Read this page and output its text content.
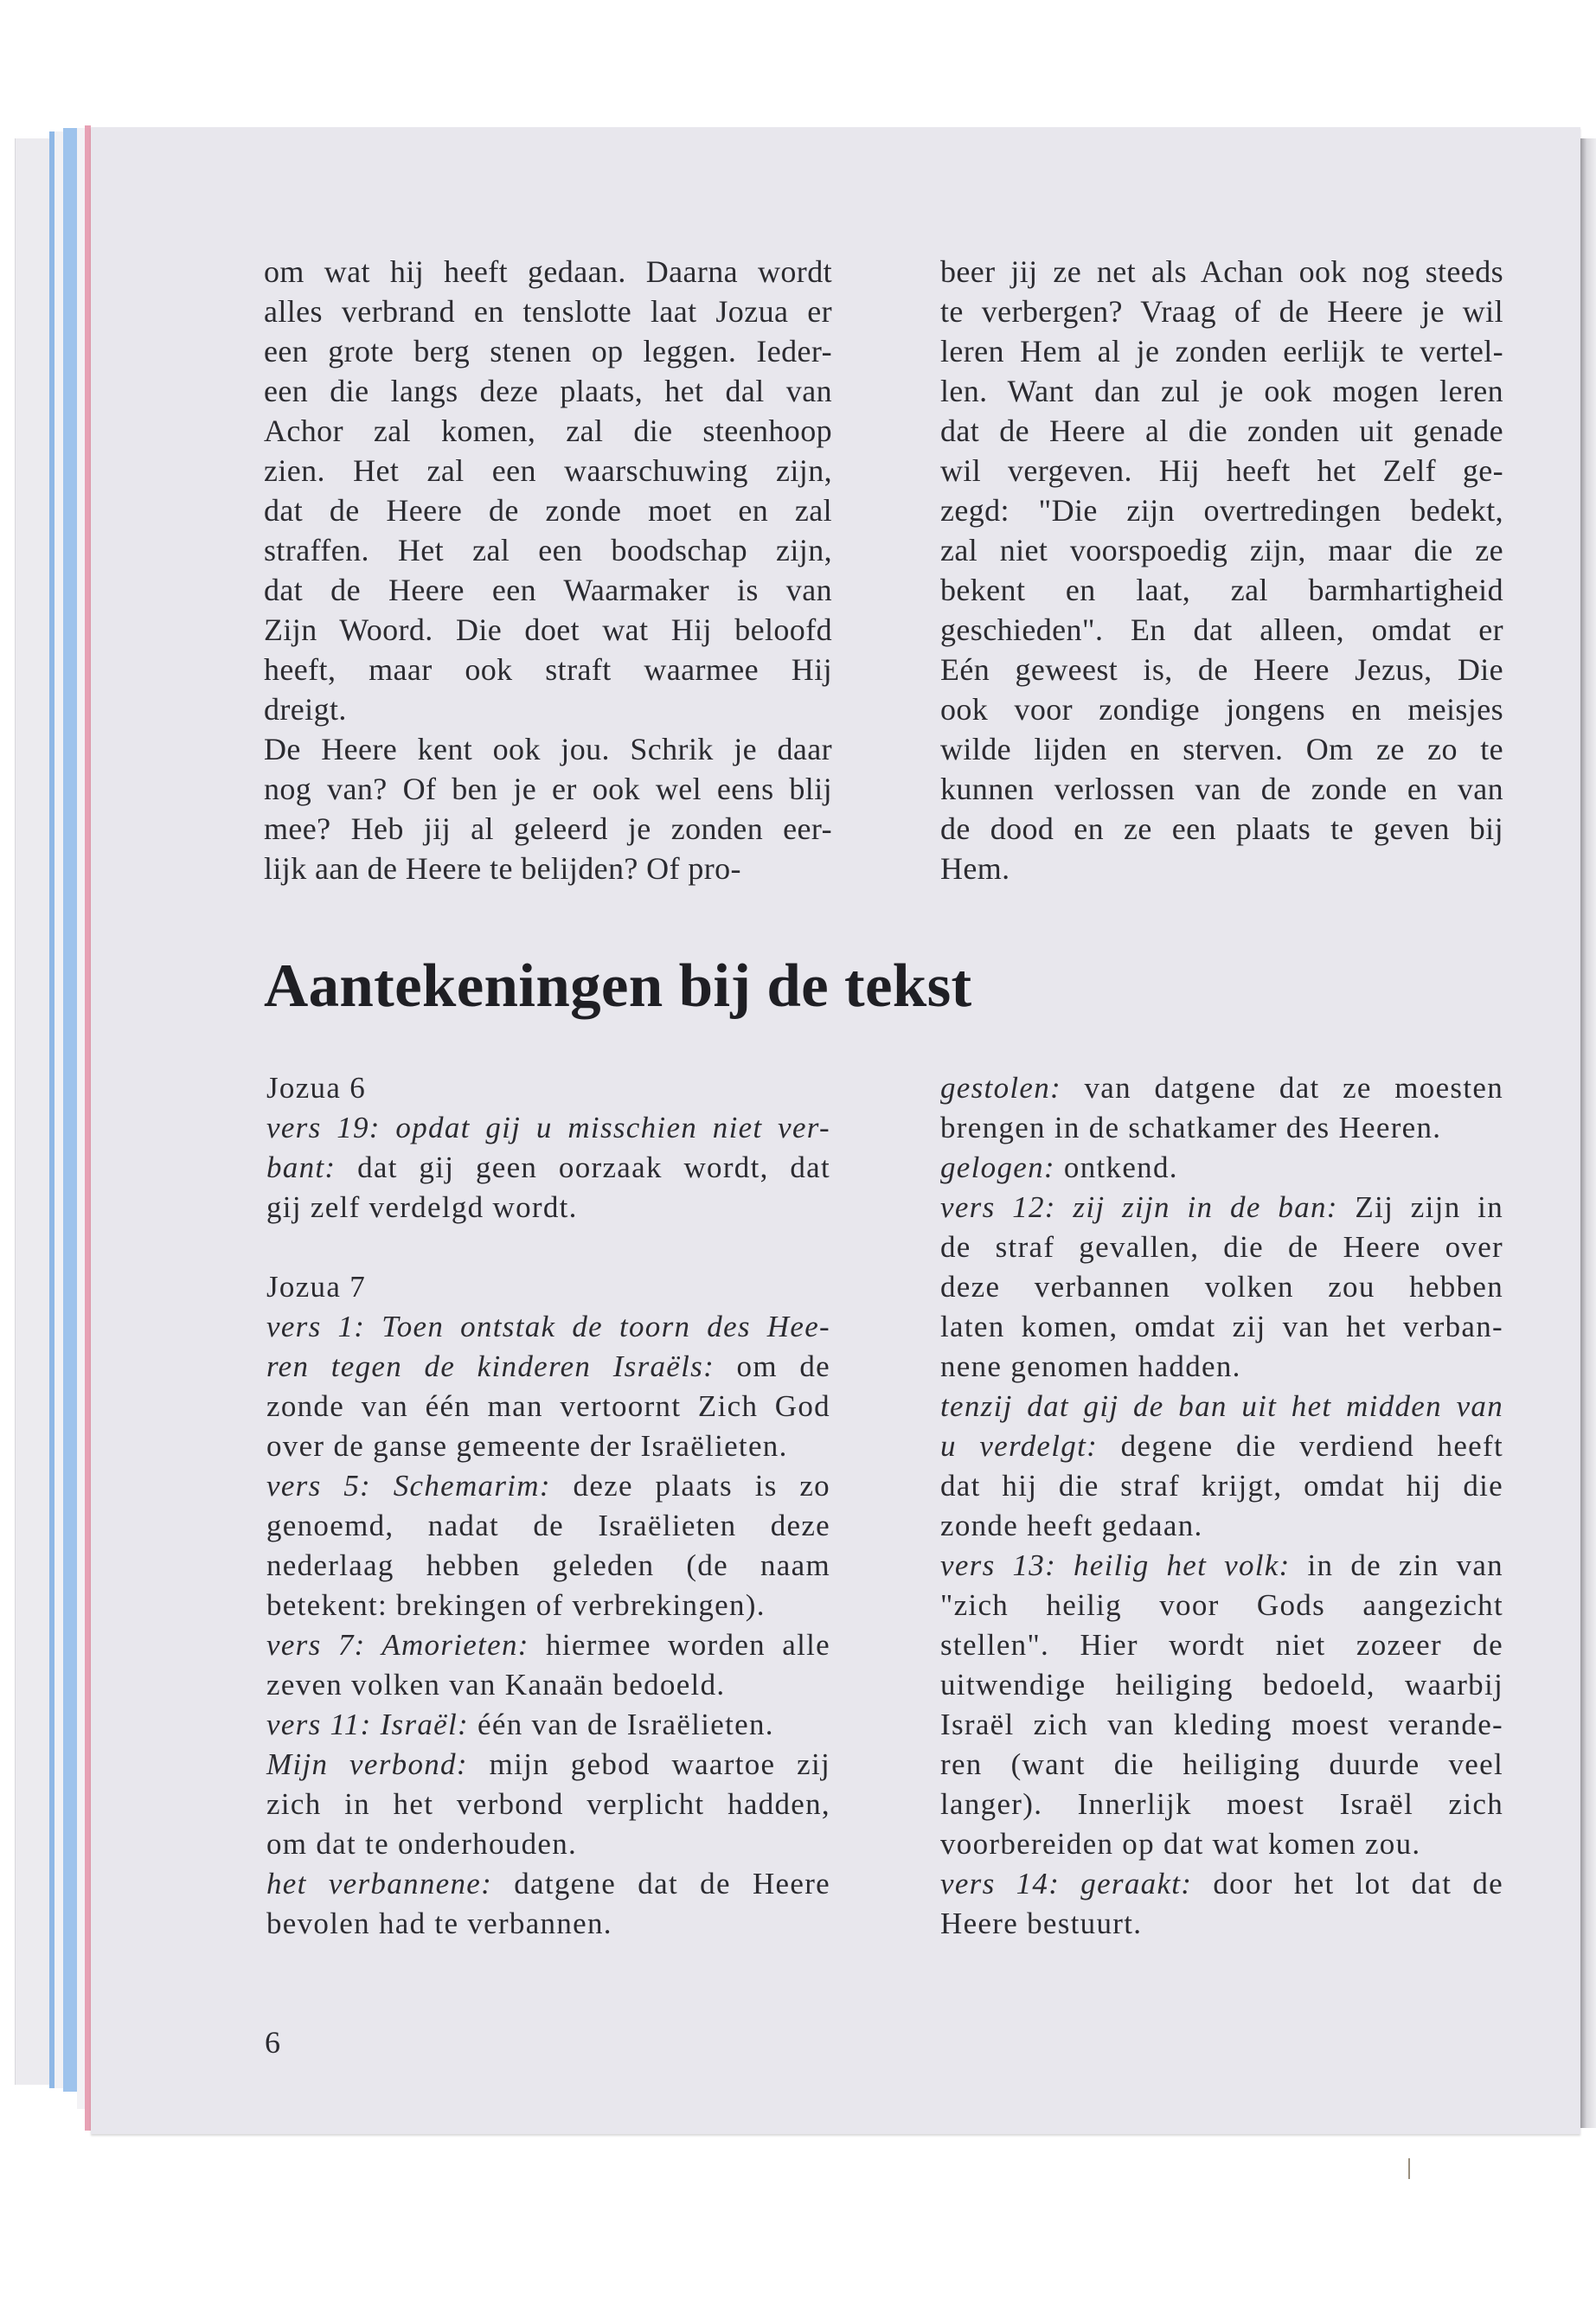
om wat hij heeft gedaan. Daarna wordt
alles verbrand en tenslotte laat Jozua er
een grote berg stenen op leggen. Ieder-
een die langs deze plaats, het dal van
Achor zal komen, zal die steenhoop
zien. Het zal een waarschuwing zijn,
dat de Heere de zonde moet en zal
straffen. Het zal een boodschap zijn,
dat de Heere een Waarmaker is van
Zijn Woord. Die doet wat Hij beloofd
heeft, maar ook straft waarmee Hij
dreigt.
De Heere kent ook jou. Schrik je daar
nog van? Of ben je er ook wel eens blij
mee? Heb jij al geleerd je zonden eer-
lijk aan de Heere te belijden? Of pro-
beer jij ze net als Achan ook nog steeds
te verbergen? Vraag of de Heere je wil
leren Hem al je zonden eerlijk te vertel-
len. Want dan zul je ook mogen leren
dat de Heere al die zonden uit genade
wil vergeven. Hij heeft het Zelf ge-
zegd: "Die zijn overtredingen bedekt,
zal niet voorspoedig zijn, maar die ze
bekent en laat, zal barmhartigheid
geschieden". En dat alleen, omdat er
Eén geweest is, de Heere Jezus, Die
ook voor zondige jongens en meisjes
wilde lijden en sterven. Om ze zo te
kunnen verlossen van de zonde en van
de dood en ze een plaats te geven bij
Hem.
Aantekeningen bij de tekst
Jozua 6
vers 19: opdat gij u misschien niet ver-
bant: dat gij geen oorzaak wordt, dat
gij zelf verdelgd wordt.
Jozua 7
vers 1: Toen ontstak de toorn des Hee-
ren tegen de kinderen Israëls: om de
zonde van één man vertoornt Zich God
over de ganse gemeente der Israëlieten.
vers 5: Schemarim: deze plaats is zo
genoemd, nadat de Israëlieten deze
nederlaag hebben geleden (de naam
betekent: brekingen of verbrekingen).
vers 7: Amorieten: hiermee worden alle
zeven volken van Kanaän bedoeld.
vers 11: Israël: één van de Israëlieten.
Mijn verbond: mijn gebod waartoe zij
zich in het verbond verplicht hadden,
om dat te onderhouden.
het verbannene: datgene dat de Heere
bevolen had te verbannen.
gestolen: van datgene dat ze moesten
brengen in de schatkamer des Heeren.
gelogen: ontkend.
vers 12: zij zijn in de ban: Zij zijn in
de straf gevallen, die de Heere over
deze verbannen volken zou hebben
laten komen, omdat zij van het verban-
nene genomen hadden.
tenzij dat gij de ban uit het midden van
u verdelgt: degene die verdiend heeft
dat hij die straf krijgt, omdat hij die
zonde heeft gedaan.
vers 13: heilig het volk: in de zin van
"zich heilig voor Gods aangezicht
stellen". Hier wordt niet zozeer de
uitwendige heiliging bedoeld, waarbij
Israël zich van kleding moest verande-
ren (want die heiliging duurde veel
langer). Innerlijk moest Israël zich
voorbereiden op dat wat komen zou.
vers 14: geraakt: door het lot dat de
Heere bestuurt.
6
